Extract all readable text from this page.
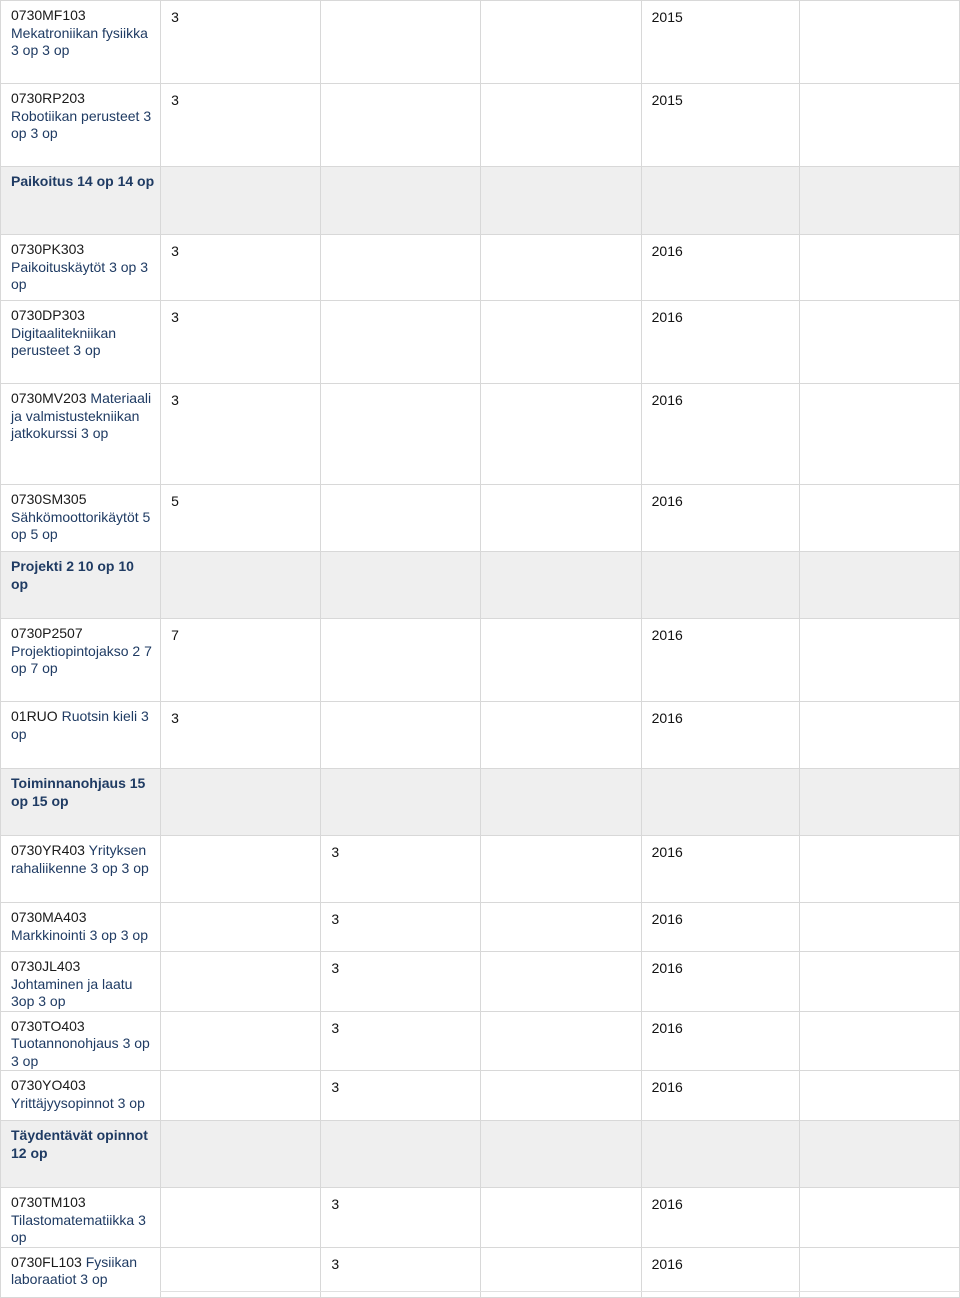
0730MF103 Mekatroniikan fysiikka 3 op 3 op	3			2015	

0730RP203 Robotiikan perusteet 3 op 3 op	3			2015	

Paikoitus 14 op 14 op					

0730PK303 Paikoituskäytöt 3 op 3 op	3			2016	

0730DP303 Digitaalitekniikan perusteet 3 op	3			2016	

0730MV203 Materiaali ja valmistustekniikan jatkokurssi 3 op	3			2016	

0730SM305 Sähkömoottorikäytöt 5 op 5 op	5			2016	

Projekti 2 10 op 10 op					

0730P2507 Projektiopintojakso 2 7 op 7 op	7			2016	

01RUO Ruotsin kieli 3 op	3			2016	

Toiminnanohjaus 15 op 15 op					

0730YR403 Yrityksen rahaliikenne 3 op 3 op		3		2016	

0730MA403 Markkinointi 3 op 3 op		3		2016	

0730JL403 Johtaminen ja laatu 3op 3 op		3		2016	

0730TO403 Tuotannonohjaus 3 op 3 op		3		2016	

0730YO403 Yrittäjyysopinnot 3 op		3		2016	

Täydentävät opinnot 12 op					

0730TM103 Tilastomatematiikka 3 op		3		2016	

0730FL103 Fysiikan laboraatiot 3 op		3		2016	
